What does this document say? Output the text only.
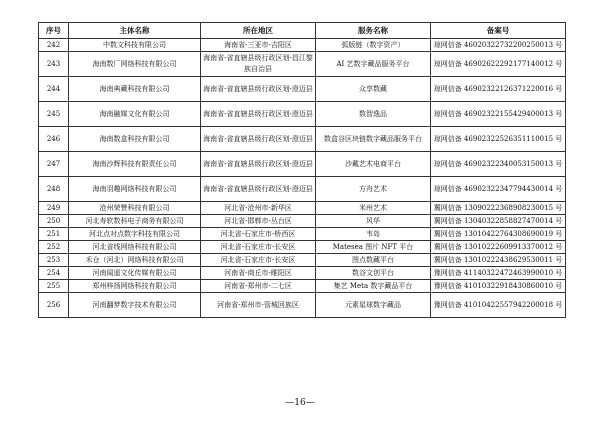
序号	主体名称	所在地区	服务名称	备案号
242	中数文科技有限公司	海南省-三亚市-吉阳区	弧版链（数字资产）	琼网信备 46020322732200250013 号
243	海南数厂网络科技有限公司	海南省-省直辖县级行政区划-昌江黎族自治县	AI 艺数字藏品服务平台	琼网信备 46902622292177140012 号
244	海南典藏科技有限公司	海南省-省直辖县级行政区划-澄迈县	众享数藏	琼网信备 46902322126371220016 号
245	海南融媒文化有限公司	海南省-省直辖县级行政区划-澄迈县	数智逸品	琼网信备 46902322155429400013 号
246	海南数盒科技有限公司	海南省-省直辖县级行政区划-澄迈县	数盒谷区块链数字藏品服务平台	琼网信备 46902322526351110015 号
247	海南沙辉科技有限责任公司	海南省-省直辖县级行政区划-澄迈县	沙戴艺术电商平台	琼网信备 46902322340053150013 号
248	海南羽趣网络科技有限公司	海南省-省直辖县级行政区划-澄迈县	方舟艺术	琼网信备 46902322347794430014 号
249	沧州荣赞科技有限公司	河北省-沧州市-新华区	米州艺术	冀网信备 13090222368908230015 号
250	河北寿软数科电子商务有限公司	河北省-邯郸市-丛台区	风华	冀网信备 13040322858827470014 号
251	河北点对点数字科技有限公司	河北省-石家庄市-桥西区	韦岛	冀网信备 13010422764308690019 号
252	河北省线网络科技有限公司	河北省-石家庄市-长安区	Matesea 图片 NFT 平台	冀网信备 13010222609913370012 号
253	禾仓（河北）网络科技有限公司	河北省-石家庄市-长安区	图点数藏平台	冀网信备 13010222438629530011 号
254	河南闻遥文化传媒有限公司	河南省-商丘市-睢阳区	数谷文创平台	豫网信备 41140322472463990010 号
255	郑州梓扬网络科技有限公司	河南省-郑州市-二七区	集艺 Meta 数字藏品平台	豫网信备 41010322918430860010 号
256	河南翻梦数字技术有限公司	河南省-郑州市-管城回族区	元素星球数字藏品	豫网信备 41010422557942200018 号
—16—
